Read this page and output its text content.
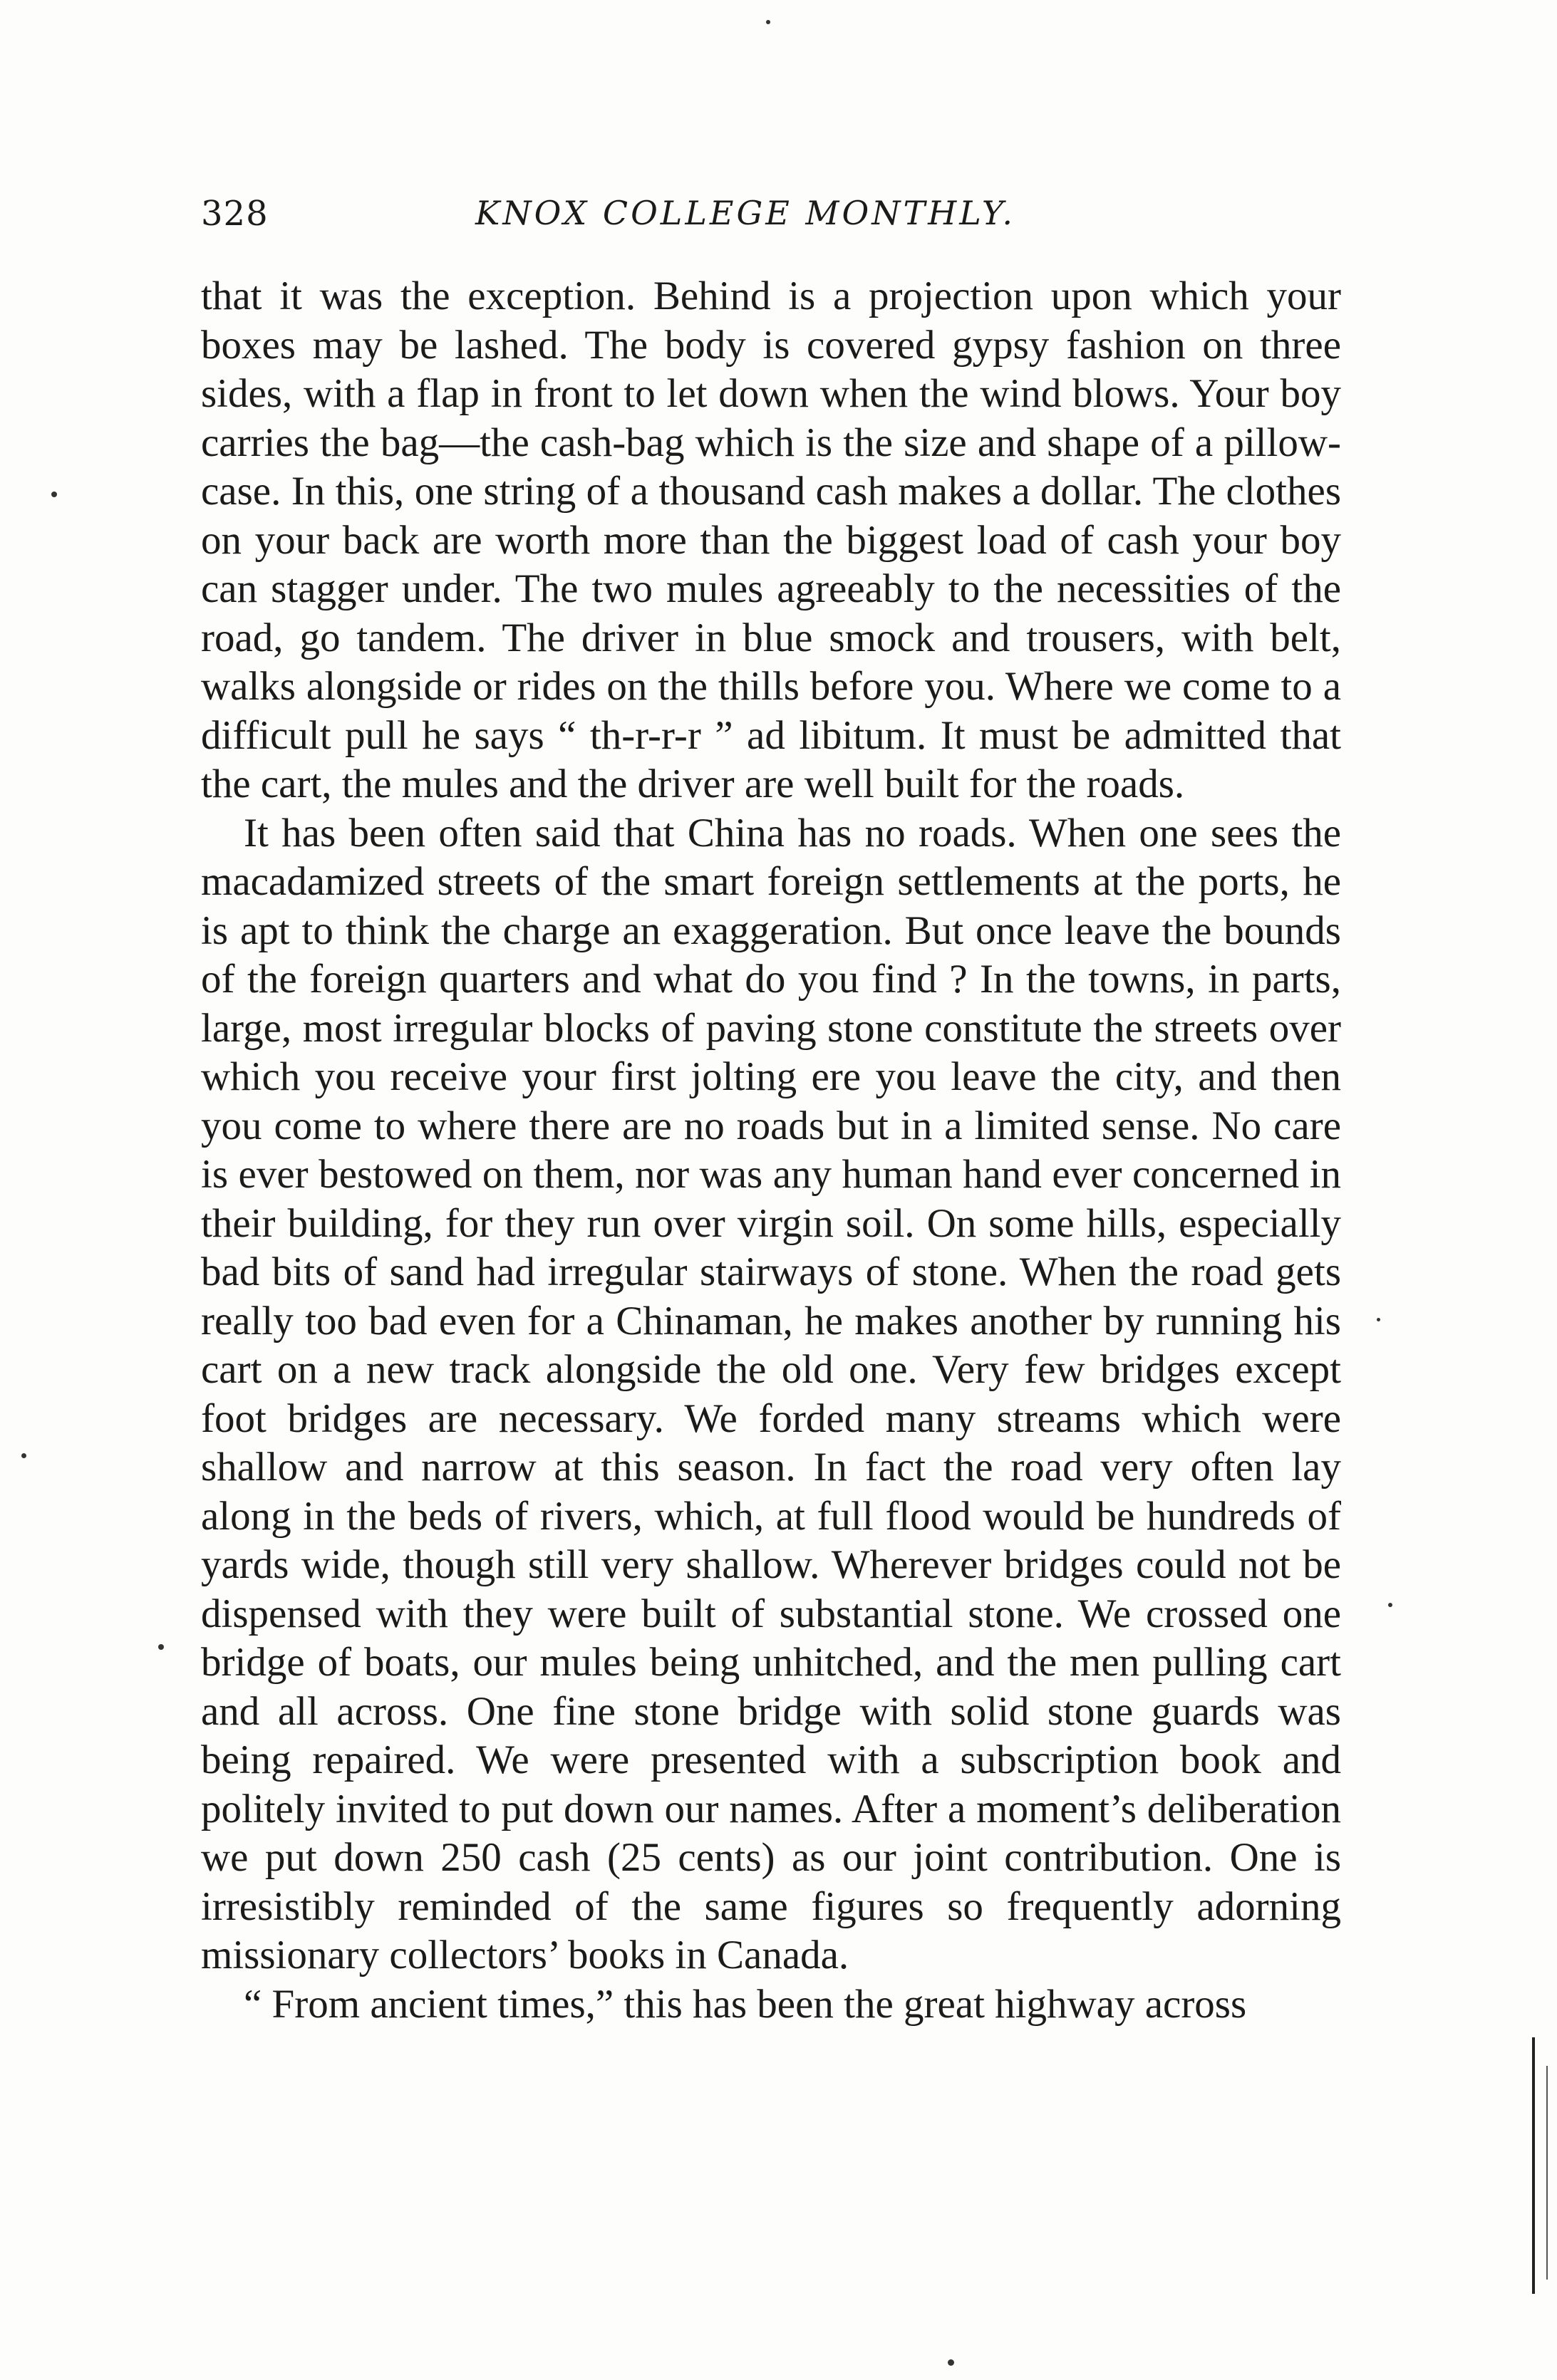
328	KNOX COLLEGE MONTHLY.

that it was the exception. Behind is a projection upon which your boxes may be lashed. The body is covered gypsy fashion on three sides, with a flap in front to let down when the wind blows. Your boy carries the bag—the cash-bag which is the size and shape of a pillow-case. In this, one string of a thousand cash makes a dollar. The clothes on your back are worth more than the biggest load of cash your boy can stagger under. The two mules agreeably to the necessities of the road, go tandem. The driver in blue smock and trousers, with belt, walks alongside or rides on the thills before you. Where we come to a difficult pull he says “ th-r-r-r ” ad libitum. It must be admitted that the cart, the mules and the driver are well built for the roads.

It has been often said that China has no roads. When one sees the macadamized streets of the smart foreign settlements at the ports, he is apt to think the charge an exaggeration. But once leave the bounds of the foreign quarters and what do you find ? In the towns, in parts, large, most irregular blocks of paving stone constitute the streets over which you receive your first jolting ere you leave the city, and then you come to where there are no roads but in a limited sense. No care is ever bestowed on them, nor was any human hand ever concerned in their building, for they run over virgin soil. On some hills, especially bad bits of sand had irregular stairways of stone. When the road gets really too bad even for a Chinaman, he makes another by running his cart on a new track alongside the old one. Very few bridges except foot bridges are necessary. We forded many streams which were shallow and narrow at this season. In fact the road very often lay along in the beds of rivers, which, at full flood would be hundreds of yards wide, though still very shallow. Wherever bridges could not be dispensed with they were built of substantial stone. We crossed one bridge of boats, our mules being unhitched, and the men pulling cart and all across. One fine stone bridge with solid stone guards was being repaired. We were presented with a subscription book and politely invited to put down our names. After a moment’s deliberation we put down 250 cash (25 cents) as our joint contribution. One is irresistibly reminded of the same figures so frequently adorning missionary collectors’ books in Canada.

“ From ancient times,” this has been the great highway across
